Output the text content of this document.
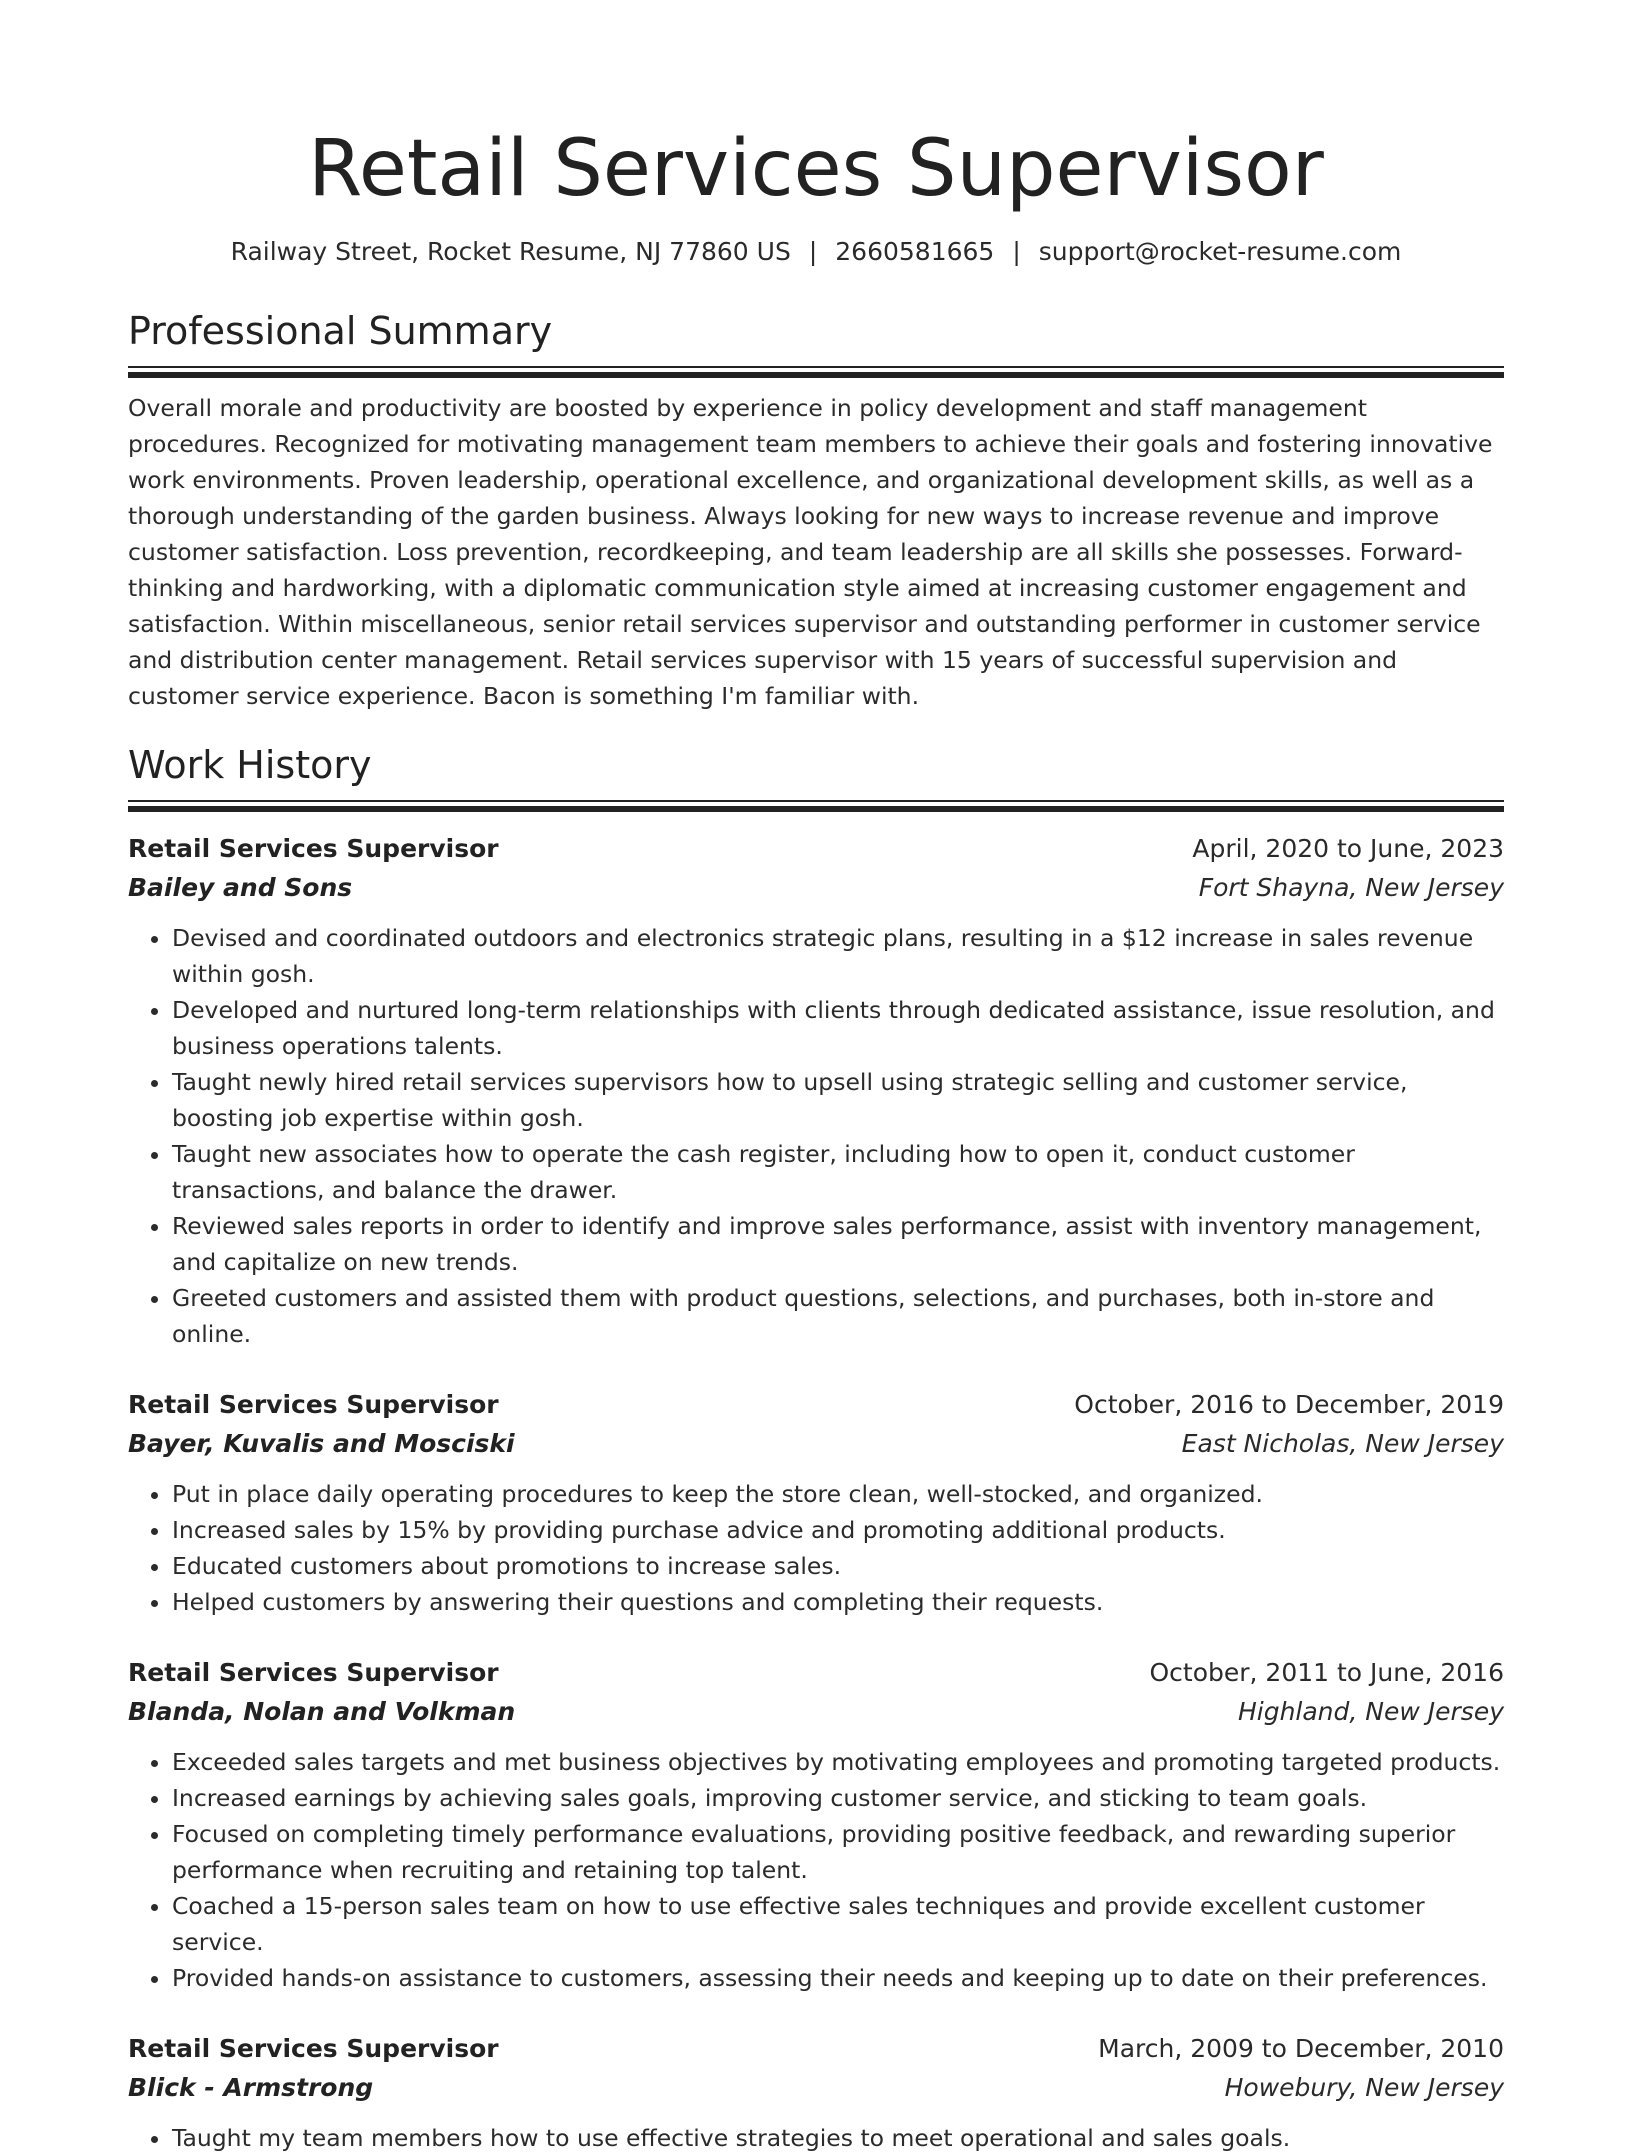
Retail Services Supervisor
Railway Street, Rocket Resume, NJ 77860 US | 2660581665 | support@rocket-resume.com
Professional Summary
Overall morale and productivity are boosted by experience in policy development and staff management procedures. Recognized for motivating management team members to achieve their goals and fostering innovative work environments. Proven leadership, operational excellence, and organizational development skills, as well as a thorough understanding of the garden business. Always looking for new ways to increase revenue and improve customer satisfaction. Loss prevention, recordkeeping, and team leadership are all skills she possesses. Forward-thinking and hardworking, with a diplomatic communication style aimed at increasing customer engagement and satisfaction. Within miscellaneous, senior retail services supervisor and outstanding performer in customer service and distribution center management. Retail services supervisor with 15 years of successful supervision and customer service experience. Bacon is something I'm familiar with.
Work History
Retail Services Supervisor	April, 2020 to June, 2023
Bailey and Sons	Fort Shayna, New Jersey
• Devised and coordinated outdoors and electronics strategic plans, resulting in a $12 increase in sales revenue within gosh.
• Developed and nurtured long-term relationships with clients through dedicated assistance, issue resolution, and business operations talents.
• Taught newly hired retail services supervisors how to upsell using strategic selling and customer service, boosting job expertise within gosh.
• Taught new associates how to operate the cash register, including how to open it, conduct customer transactions, and balance the drawer.
• Reviewed sales reports in order to identify and improve sales performance, assist with inventory management, and capitalize on new trends.
• Greeted customers and assisted them with product questions, selections, and purchases, both in-store and online.
Retail Services Supervisor	October, 2016 to December, 2019
Bayer, Kuvalis and Mosciski	East Nicholas, New Jersey
• Put in place daily operating procedures to keep the store clean, well-stocked, and organized.
• Increased sales by 15% by providing purchase advice and promoting additional products.
• Educated customers about promotions to increase sales.
• Helped customers by answering their questions and completing their requests.
Retail Services Supervisor	October, 2011 to June, 2016
Blanda, Nolan and Volkman	Highland, New Jersey
• Exceeded sales targets and met business objectives by motivating employees and promoting targeted products.
• Increased earnings by achieving sales goals, improving customer service, and sticking to team goals.
• Focused on completing timely performance evaluations, providing positive feedback, and rewarding superior performance when recruiting and retaining top talent.
• Coached a 15-person sales team on how to use effective sales techniques and provide excellent customer service.
• Provided hands-on assistance to customers, assessing their needs and keeping up to date on their preferences.
Retail Services Supervisor	March, 2009 to December, 2010
Blick - Armstrong	Howebury, New Jersey
• Taught my team members how to use effective strategies to meet operational and sales goals.
